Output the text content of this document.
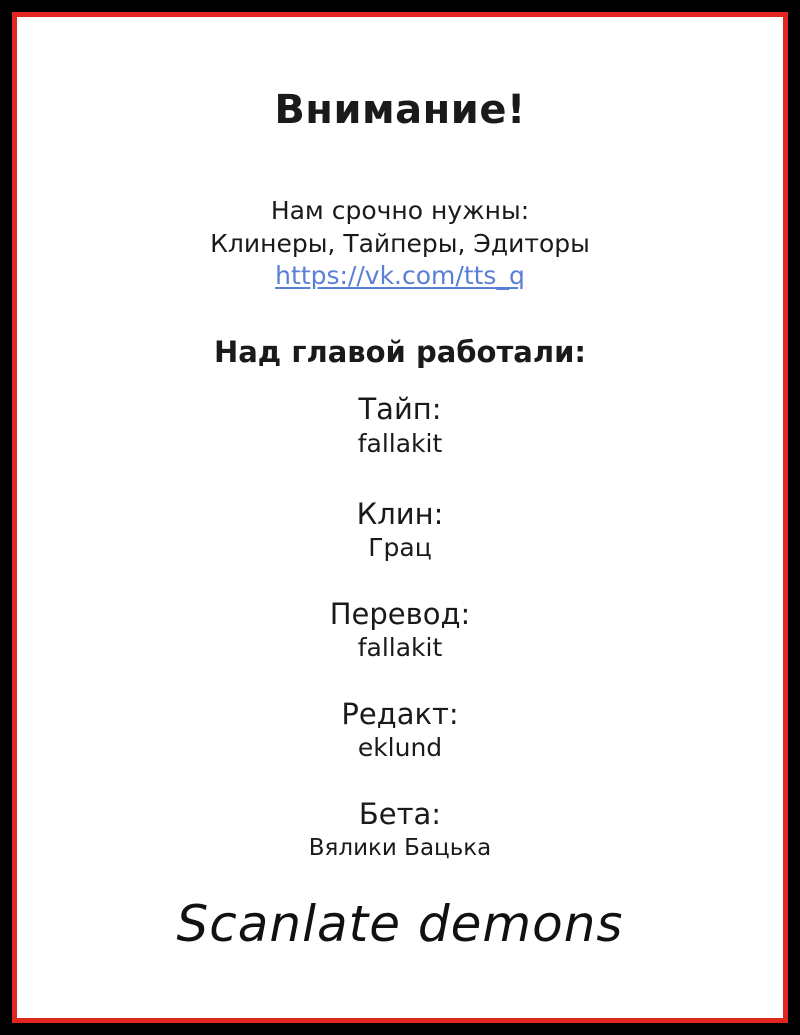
Внимание!
Нам срочно нужны:
Клинеры, Тайперы, Эдиторы
https://vk.com/tts_q
Над главой работали:
Тайп:
fallakit
Клин:
Грац
Перевод:
fallakit
Редакт:
eklund
Бета:
Вялики Бацька
Scanlate demons
